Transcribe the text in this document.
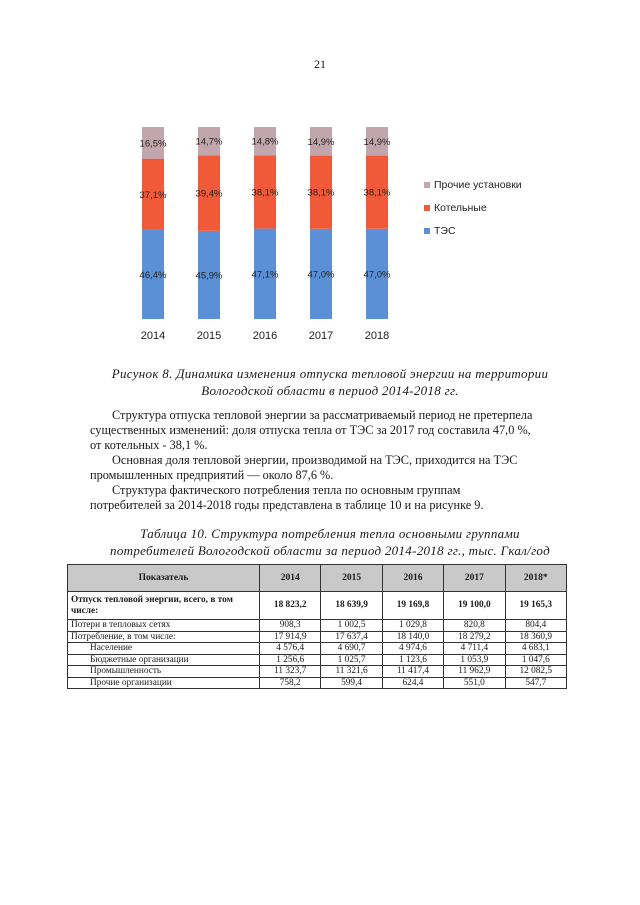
21
46,4%
37,1%
16,5%
2014
45,9%
39,4%
14,7%
2015
47,1%
38,1%
14,8%
2016
47,0%
38,1%
14,9%
2017
47,0%
38,1%
14,9%
2018
Прочие установки
Котельные
ТЭС
Рисунок 8. Динамика изменения отпуска тепловой энергии на территории
Вологодской области в период 2014-2018 гг.
Структура отпуска тепловой энергии за рассматриваемый период не претерпела
существенных изменений: доля отпуска тепла от ТЭС за 2017 год составила 47,0 %,
от котельных - 38,1 %.
Основная доля тепловой энергии, производимой на ТЭС, приходится на ТЭС
промышленных предприятий — около 87,6 %.
Структура фактического потребления тепла по основным группам
потребителей за 2014-2018 годы представлена в таблице 10 и на рисунке 9.
Таблица 10. Структура потребления тепла основными группами
потребителей Вологодской области за период 2014-2018 гг., тыс. Гкал/год
Показатель	2014	2015	2016	2017	2018*
Отпуск тепловой энергии, всего, в том числе:	18 823,2	18 639,9	19 169,8	19 100,0	19 165,3
Потери в тепловых сетях	908,3	1 002,5	1 029,8	820,8	804,4
Потребление, в том числе:	17 914,9	17 637,4	18 140,0	18 279,2	18 360,9
Население	4 576,4	4 690,7	4 974,6	4 711,4	4 683,1
Бюджетные организации	1 256,6	1 025,7	1 123,6	1 053,9	1 047,6
Промышленность	11 323,7	11 321,6	11 417,4	11 962,9	12 082,5
Прочие организации	758,2	599,4	624,4	551,0	547,7
